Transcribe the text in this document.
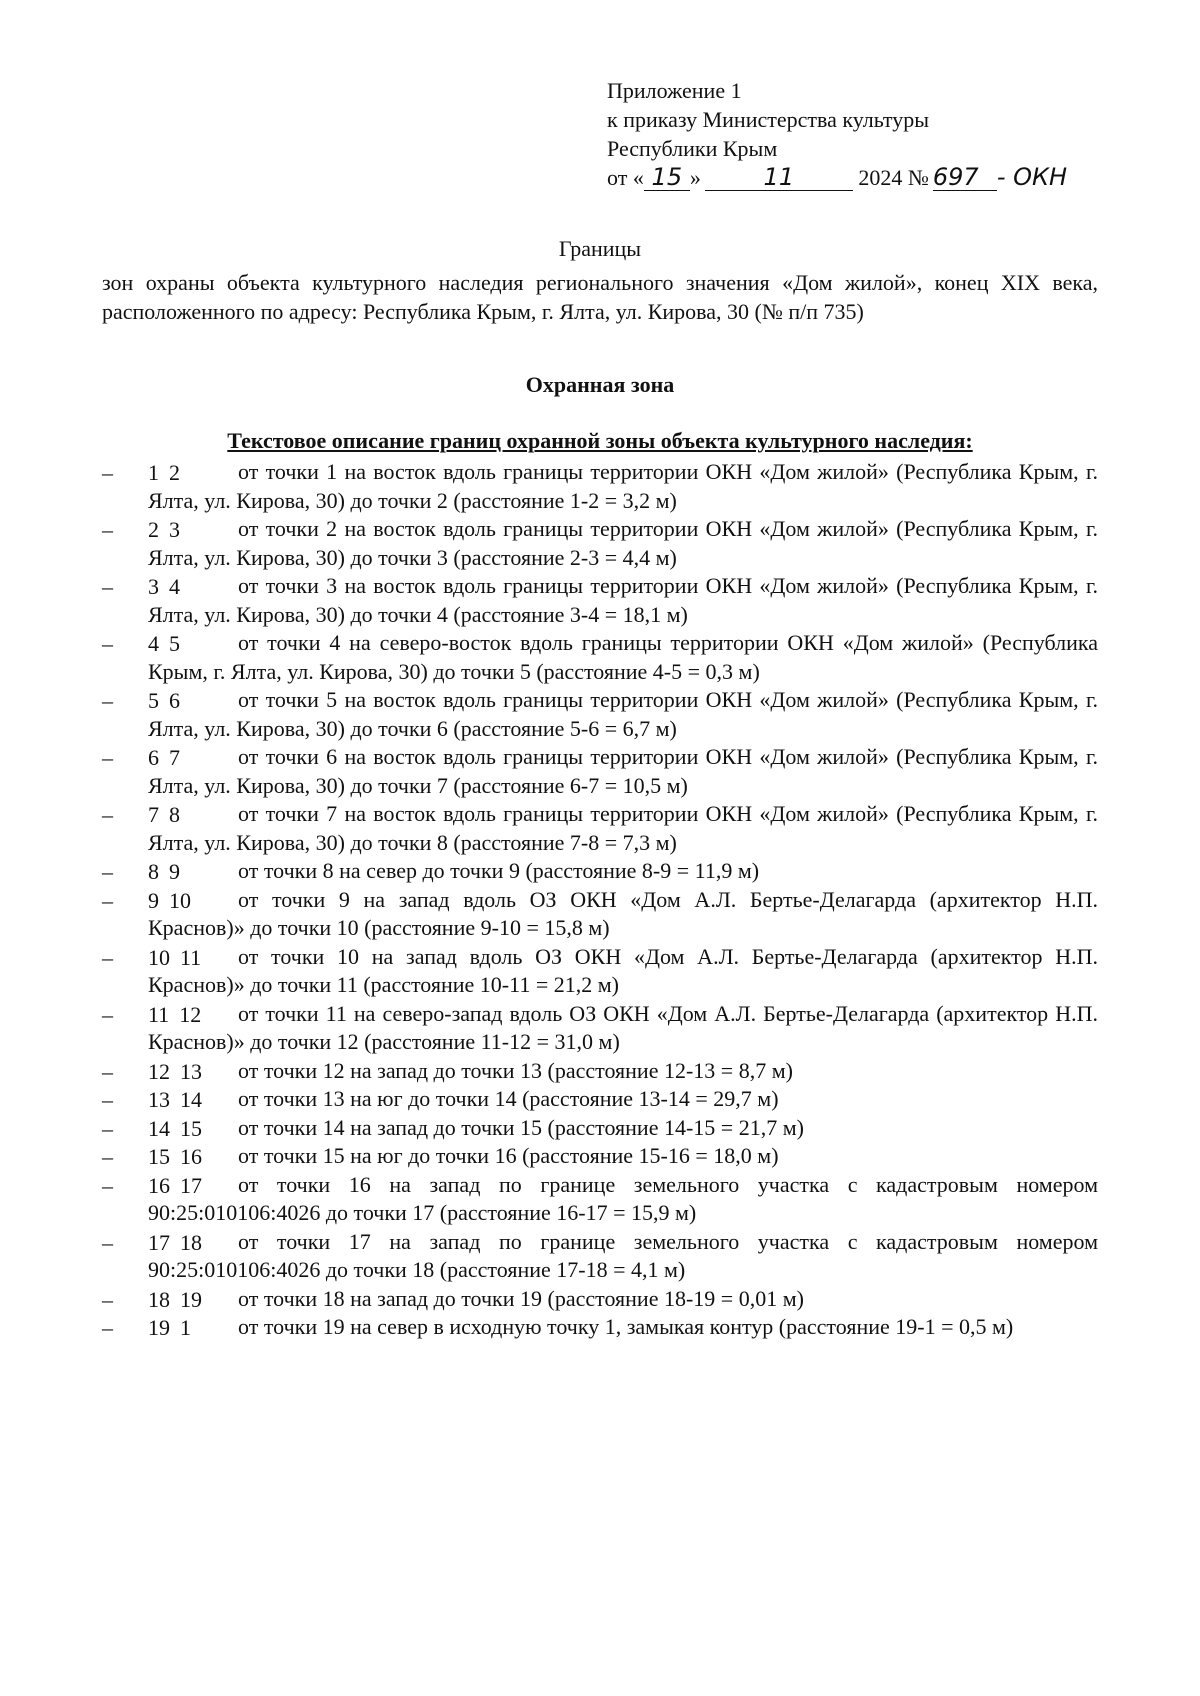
Приложение 1
к приказу Министерства культуры
Республики Крым
от « 15 »	11	2024 № 697 - ОКН
Границы
зон охраны объекта культурного наследия регионального значения «Дом жилой», конец XIX века, расположенного по адресу: Республика Крым, г. Ялта, ул. Кирова, 30 (№ п/п 735)
Охранная зона
Текстовое описание границ охранной зоны объекта культурного наследия:
–	1 2	от точки 1 на восток вдоль границы территории ОКН «Дом жилой» (Республика Крым, г. Ялта, ул. Кирова, 30) до точки 2 (расстояние 1-2 = 3,2 м)
–	2 3	от точки 2 на восток вдоль границы территории ОКН «Дом жилой» (Республика Крым, г. Ялта, ул. Кирова, 30) до точки 3 (расстояние 2-3 = 4,4 м)
–	3 4	от точки 3 на восток вдоль границы территории ОКН «Дом жилой» (Республика Крым, г. Ялта, ул. Кирова, 30) до точки 4 (расстояние 3-4 = 18,1 м)
–	4 5	от точки 4 на северо-восток вдоль границы территории ОКН «Дом жилой» (Республика Крым, г. Ялта, ул. Кирова, 30) до точки 5 (расстояние 4-5 = 0,3 м)
–	5 6	от точки 5 на восток вдоль границы территории ОКН «Дом жилой» (Республика Крым, г. Ялта, ул. Кирова, 30) до точки 6 (расстояние 5-6 = 6,7 м)
–	6 7	от точки 6 на восток вдоль границы территории ОКН «Дом жилой» (Республика Крым, г. Ялта, ул. Кирова, 30) до точки 7 (расстояние 6-7 = 10,5 м)
–	7 8	от точки 7 на восток вдоль границы территории ОКН «Дом жилой» (Республика Крым, г. Ялта, ул. Кирова, 30) до точки 8 (расстояние 7-8 = 7,3 м)
–	8 9	от точки 8 на север до точки 9 (расстояние 8-9 = 11,9 м)
–	9 10	от точки 9 на запад вдоль ОЗ ОКН «Дом А.Л. Бертье-Делагарда (архитектор Н.П. Краснов)» до точки 10 (расстояние 9-10 = 15,8 м)
–	10 11	от точки 10 на запад вдоль ОЗ ОКН «Дом А.Л. Бертье-Делагарда (архитектор Н.П. Краснов)» до точки 11 (расстояние 10-11 = 21,2 м)
–	11 12	от точки 11 на северо-запад вдоль ОЗ ОКН «Дом А.Л. Бертье-Делагарда (архитектор Н.П. Краснов)» до точки 12 (расстояние 11-12 = 31,0 м)
–	12 13	от точки 12 на запад до точки 13 (расстояние 12-13 = 8,7 м)
–	13 14	от точки 13 на юг до точки 14 (расстояние 13-14 = 29,7 м)
–	14 15	от точки 14 на запад до точки 15 (расстояние 14-15 = 21,7 м)
–	15 16	от точки 15 на юг до точки 16 (расстояние 15-16 = 18,0 м)
–	16 17	от точки 16 на запад по границе земельного участка с кадастровым номером 90:25:010106:4026 до точки 17 (расстояние 16-17 = 15,9 м)
–	17 18	от точки 17 на запад по границе земельного участка с кадастровым номером 90:25:010106:4026 до точки 18 (расстояние 17-18 = 4,1 м)
–	18 19	от точки 18 на запад до точки 19 (расстояние 18-19 = 0,01 м)
–	19 1	от точки 19 на север в исходную точку 1, замыкая контур (расстояние 19-1 = 0,5 м)
